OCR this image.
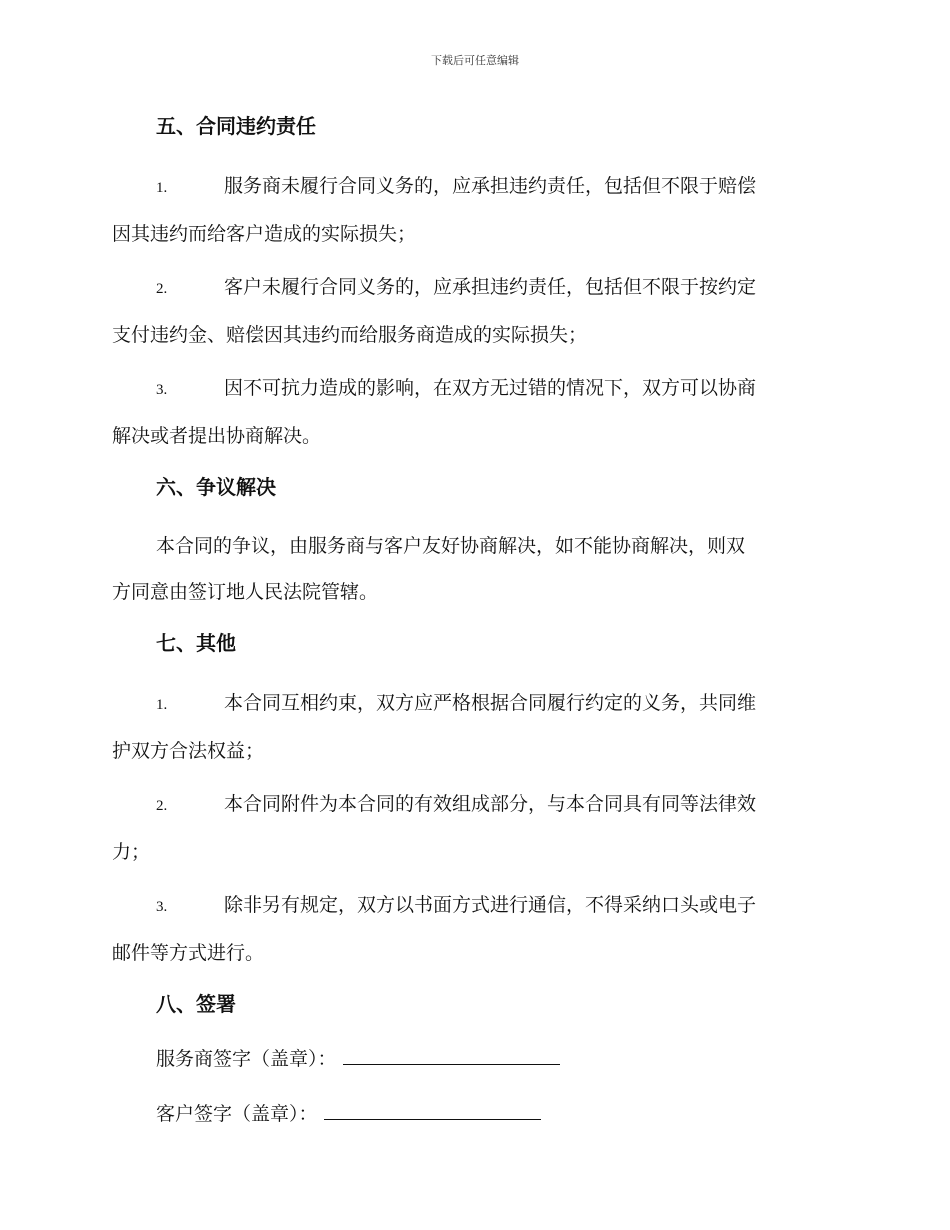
下载后可任意编辑
五、合同违约责任

1.	服务商未履行合同义务的，应承担违约责任，包括但不限于赔偿

因其违约而给客户造成的实际损失；

2.	客户未履行合同义务的，应承担违约责任，包括但不限于按约定

支付违约金、赔偿因其违约而给服务商造成的实际损失；

3.	因不可抗力造成的影响，在双方无过错的情况下，双方可以协商

解决或者提出协商解决。

六、争议解决

本合同的争议，由服务商与客户友好协商解决，如不能协商解决，则双

方同意由签订地人民法院管辖。

七、其他

1.	本合同互相约束，双方应严格根据合同履行约定的义务，共同维

护双方合法权益；

2.	本合同附件为本合同的有效组成部分，与本合同具有同等法律效

力；

3.	除非另有规定，双方以书面方式进行通信，不得采纳口头或电子

邮件等方式进行。

八、签署

服务商签字（盖章）：

客户签字（盖章）：
